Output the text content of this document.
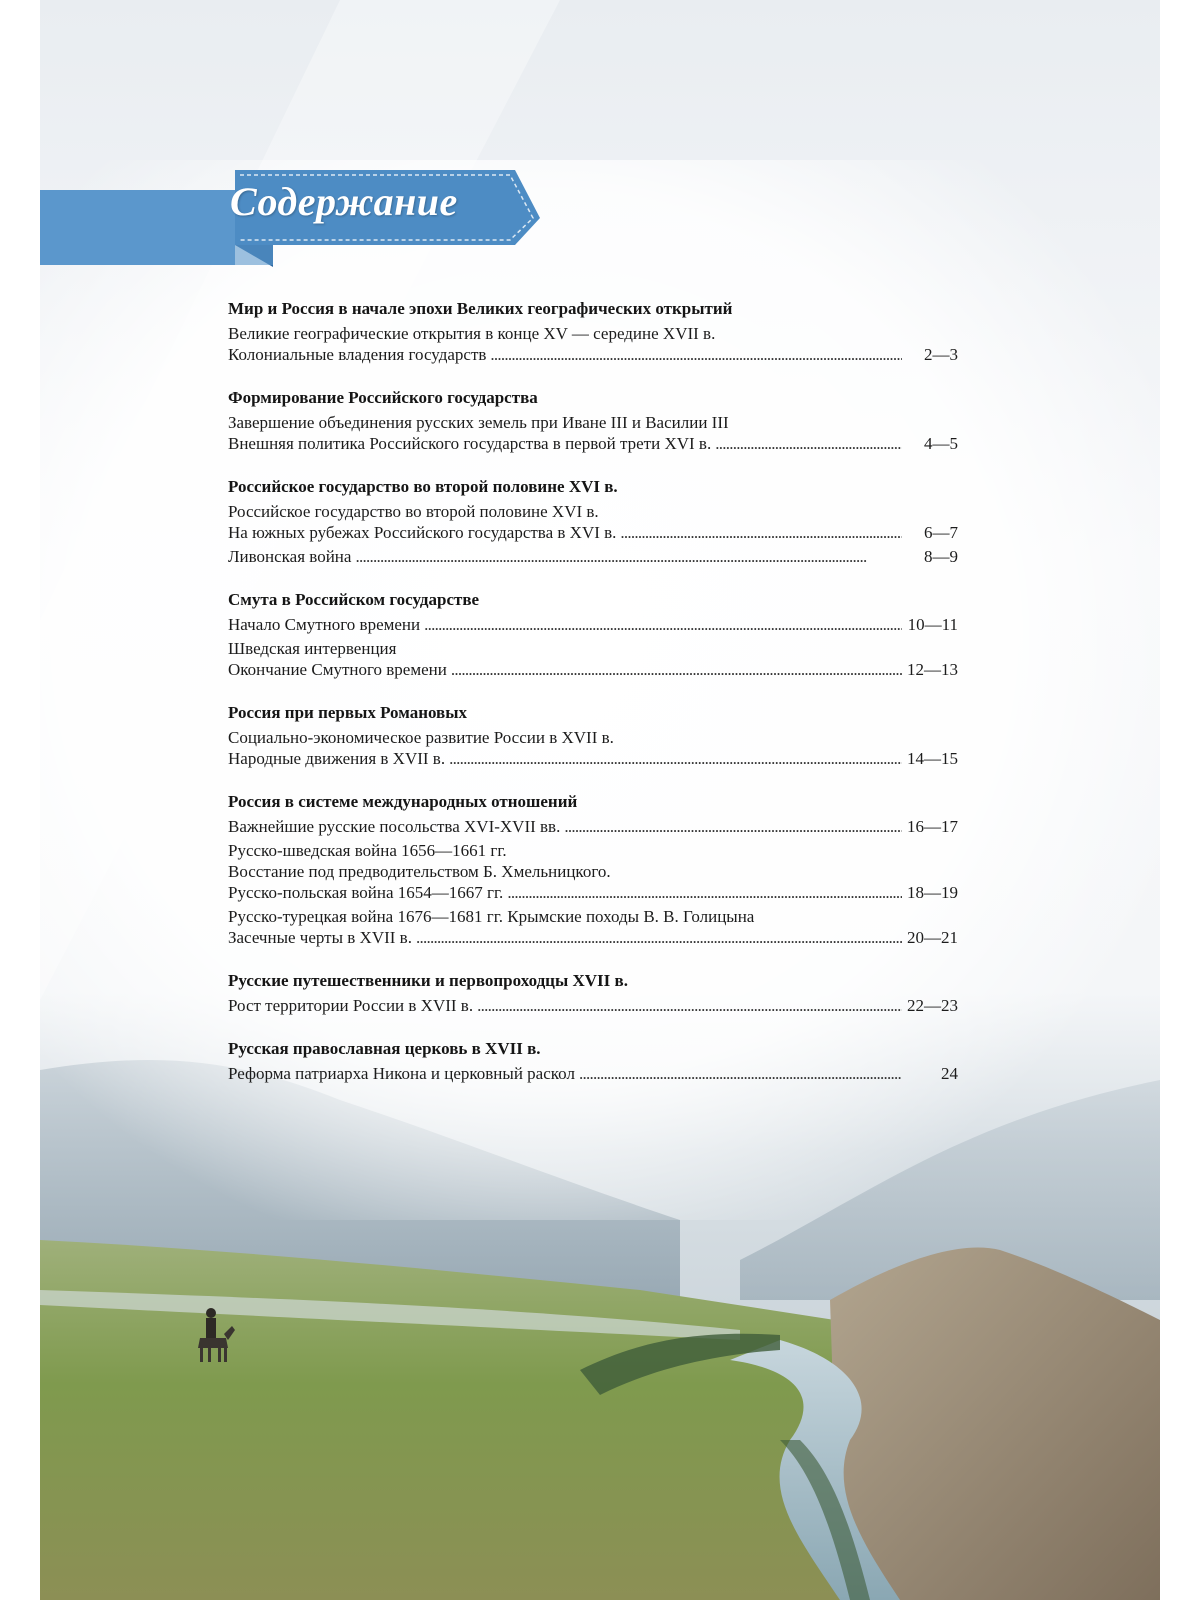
Содержание
Мир и Россия в начале эпохи Великих географических открытий
Великие географические открытия в конце XV — середине XVII в.
Колониальные владения государств . . .	2—3
Формирование Российского государства
Завершение объединения русских земель при Иване III и Василии III
Внешняя политика Российского государства в первой трети XVI в. . . .	4—5
Российское государство во второй половине XVI в.
Российское государство во второй половине XVI в.
На южных рубежах Российского государства в XVI в. . . .	6—7
Ливонская война . . .	8—9
Смута в Российском государстве
Начало Смутного времени . . .	10—11
Шведская интервенция
Окончание Смутного времени . . .	12—13
Россия при первых Романовых
Социально-экономическое развитие России в XVII в.
Народные движения в XVII в. . . .	14—15
Россия в системе международных отношений
Важнейшие русские посольства XVI-XVII вв. . . .	16—17
Русско-шведская война 1656—1661 гг.
Восстание под предводительством Б. Хмельницкого.
Русско-польская война 1654—1667 гг. . . .	18—19
Русско-турецкая война 1676—1681 гг. Крымские походы В. В. Голицына
Засечные черты в XVII в. . . .	20—21
Русские путешественники и первопроходцы XVII в.
Рост территории России в XVII в. . . .	22—23
Русская православная церковь в XVII в.
Реформа патриарха Никона и церковный раскол . . .	24
